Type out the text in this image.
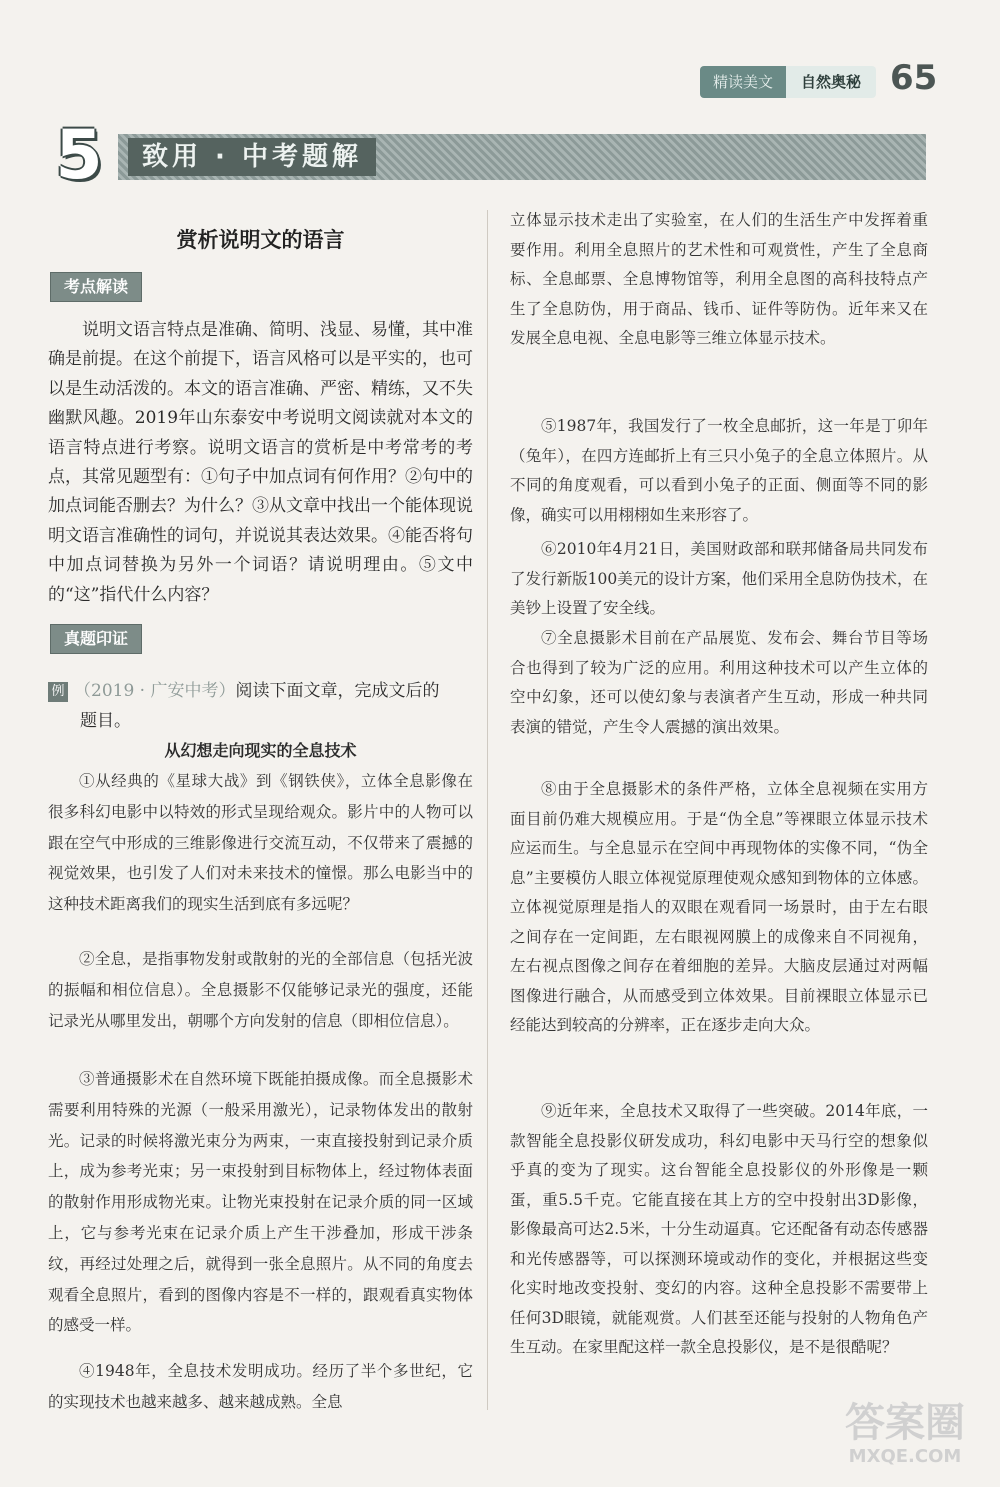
精读美文	自然奥秘 65
5	致用 · 中考题解
赏析说明文的语言
考点解读
说明文语言特点是准确、简明、浅显、易懂，其中准确是前提。在这个前提下，语言风格可以是平实的，也可以是生动活泼的。本文的语言准确、严密、精练，又不失幽默风趣。2019年山东泰安中考说明文阅读就对本文的语言特点进行考察。说明文语言的赏析是中考常考的考点，其常见题型有：①句子中加点词有何作用？②句中的加点词能否删去？为什么？③从文章中找出一个能体现说明文语言准确性的词句，并说说其表达效果。④能否将句中加点词替换为另外一个词语？请说明理由。⑤文中的“这”指代什么内容？
真题印证
例 （2019 · 广安中考）阅读下面文章，完成文后的
题目。
从幻想走向现实的全息技术
①从经典的《星球大战》到《钢铁侠》，立体全息影像在很多科幻电影中以特效的形式呈现给观众。影片中的人物可以跟在空气中形成的三维影像进行交流互动，不仅带来了震撼的视觉效果，也引发了人们对未来技术的憧憬。那么电影当中的这种技术距离我们的现实生活到底有多远呢？
②全息，是指事物发射或散射的光的全部信息（包括光波的振幅和相位信息）。全息摄影不仅能够记录光的强度，还能记录光从哪里发出，朝哪个方向发射的信息（即相位信息）。
③普通摄影术在自然环境下既能拍摄成像。而全息摄影术需要利用特殊的光源（一般采用激光），记录物体发出的散射光。记录的时候将激光束分为两束，一束直接投射到记录介质上，成为参考光束；另一束投射到目标物体上，经过物体表面的散射作用形成物光束。让物光束投射在记录介质的同一区域上，它与参考光束在记录介质上产生干涉叠加，形成干涉条纹，再经过处理之后，就得到一张全息照片。从不同的角度去观看全息照片，看到的图像内容是不一样的，跟观看真实物体的感受一样。
④1948年，全息技术发明成功。经历了半个多世纪，它的实现技术也越来越多、越来越成熟。全息
立体显示技术走出了实验室，在人们的生活生产中发挥着重要作用。利用全息照片的艺术性和可观赏性，产生了全息商标、全息邮票、全息博物馆等，利用全息图的高科技特点产生了全息防伪，用于商品、钱币、证件等防伪。近年来又在发展全息电视、全息电影等三维立体显示技术。
⑤1987年，我国发行了一枚全息邮折，这一年是丁卯年（兔年），在四方连邮折上有三只小兔子的全息立体照片。从不同的角度观看，可以看到小兔子的正面、侧面等不同的影像，确实可以用栩栩如生来形容了。
⑥2010年4月21日，美国财政部和联邦储备局共同发布了发行新版100美元的设计方案，他们采用全息防伪技术，在美钞上设置了安全线。
⑦全息摄影术目前在产品展览、发布会、舞台节目等场合也得到了较为广泛的应用。利用这种技术可以产生立体的空中幻象，还可以使幻象与表演者产生互动，形成一种共同表演的错觉，产生令人震撼的演出效果。
⑧由于全息摄影术的条件严格，立体全息视频在实用方面目前仍难大规模应用。于是“伪全息”等裸眼立体显示技术应运而生。与全息显示在空间中再现物体的实像不同，“伪全息”主要模仿人眼立体视觉原理使观众感知到物体的立体感。立体视觉原理是指人的双眼在观看同一场景时，由于左右眼之间存在一定间距，左右眼视网膜上的成像来自不同视角，左右视点图像之间存在着细胞的差异。大脑皮层通过对两幅图像进行融合，从而感受到立体效果。目前裸眼立体显示已经能达到较高的分辨率，正在逐步走向大众。
⑨近年来，全息技术又取得了一些突破。2014年底，一款智能全息投影仪研发成功，科幻电影中天马行空的想象似乎真的变为了现实。这台智能全息投影仪的外形像是一颗蛋，重5.5千克。它能直接在其上方的空中投射出3D影像，影像最高可达2.5米，十分生动逼真。它还配备有动态传感器和光传感器等，可以探测环境或动作的变化，并根据这些变化实时地改变投射、变幻的内容。这种全息投影不需要带上任何3D眼镜，就能观赏。人们甚至还能与投射的人物角色产生互动。在家里配这样一款全息投影仪，是不是很酷呢？
答案圈
MXQE.COM
